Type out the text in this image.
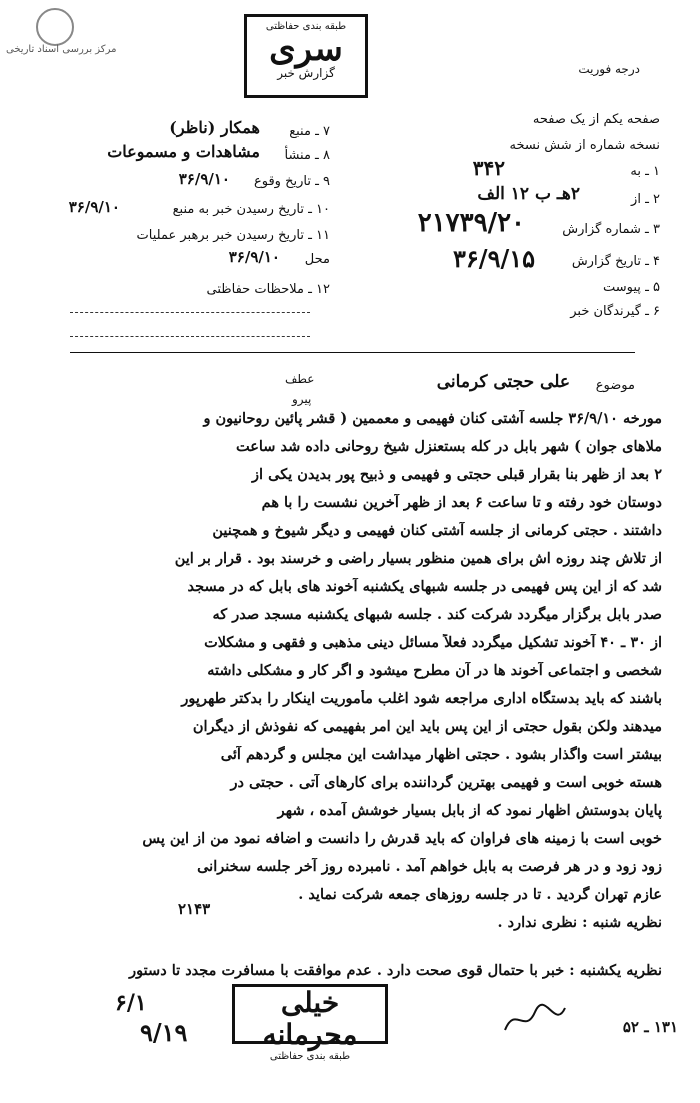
مرکز بررسی اسناد تاریخی
طبقه بندی حفاظتی
سری
گزارش خبر	درجه فوریت
صفحه یکم از یک صفحه
نسخه شماره از شش نسخه
۱ ـ به
۳۴۲
۲ ـ از
۲هـ ب ۱۲ الف
۳ ـ شماره گزارش
۲۱۷۳۹/۲۰
۴ ـ تاریخ گزارش
۳۶/۹/۱۵
۵ ـ پیوست
۶ ـ گیرندگان خبر
۷ ـ منبع
همکار (ناظر)
۸ ـ منشأ
مشاهدات و مسموعات
۹ ـ تاریخ وقوع
۳۶/۹/۱۰
۱۰ ـ تاریخ رسیدن خبر به منبع
۳۶/۹/۱۰
۱۱ ـ تاریخ رسیدن خبر برهبر عملیات
محل
۳۶/۹/۱۰
۱۲ ـ ملاحظات حفاظتی
عطف
پیرو
موضوع
علی حجتی کرمانی
مورخه ۳۶/۹/۱۰ جلسه آشتی کنان فهیمی و معممین ( قشر پائین روحانیون و
ملاهای جوان ) شهر بابل در کله بستعنزل شیخ روحانی داده شد ساعت
۲ بعد از ظهر بنا بقرار قبلی حجتی و فهیمی و ذبیح پور بدیدن یکی از
دوستان خود رفته و تا ساعت ۶ بعد از ظهر آخرین نشست را با هم
داشتند . حجتی کرمانی از جلسه آشتی کنان فهیمی و دیگر شیوخ و همچنین
از تلاش چند روزه اش برای همین منظور بسیار راضی و خرسند بود . قرار بر این
شد که از این پس فهیمی در جلسه شبهای یکشنبه آخوند های بابل که در مسجد
صدر بابل برگزار میگردد شرکت کند . جلسه شبهای یکشنبه مسجد صدر که
از ۳۰ ـ ۴۰ آخوند تشکیل میگردد فعلاً مسائل دینی مذهبی و فقهی و مشکلات
شخصی و اجتماعی آخوند ها در آن مطرح میشود و اگر کار و مشکلی داشته
باشند که باید بدستگاه اداری مراجعه شود اغلب مأموریت اینکار را بدکتر طهرپور
میدهند ولکن بقول حجتی از این پس باید این امر بفهیمی که نفوذش از دیگران
بیشتر است واگذار بشود . حجتی اظهار میداشت این مجلس و گردهم آئی
هسته خوبی است و فهیمی بهترین گرداننده برای کارهای آتی . حجتی در
پایان بدوستش اظهار نمود که از بابل بسیار خوشش آمده ، شهر
خوبی است با زمینه های فراوان که باید قدرش را دانست و اضافه نمود من از این پس
زود زود و در هر فرصت به بابل خواهم آمد . نامبرده روز آخر جلسه سخنرانی
عازم تهران گردید . تا در جلسه روزهای جمعه شرکت نماید .
نظریه شنبه : نظری ندارد .
نظریه یکشنبه : خبر با حتمال قوی صحت دارد . عدم موافقت با مسافرت مجدد تا دستور
۲۱۴۳
۶/۱
۹/۱۹	۱۳۱ ـ ۵۲
خیلی محرمانه
طبقه بندی حفاظتی
